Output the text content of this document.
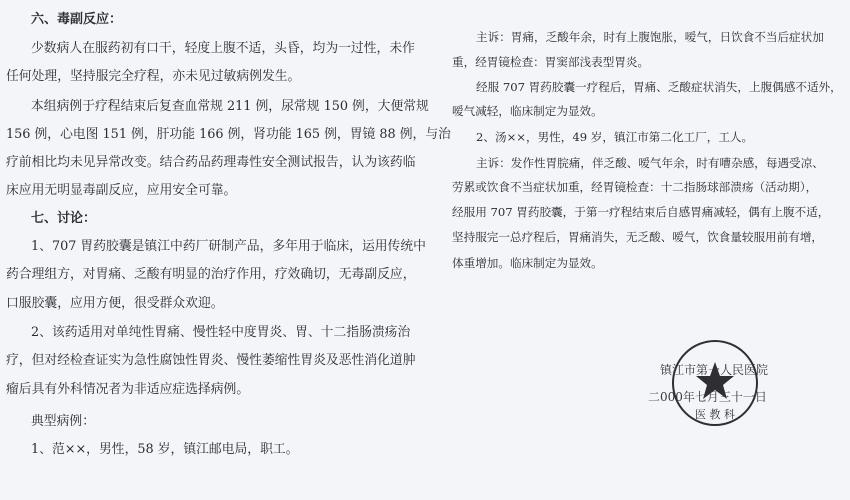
六、毒副反应：
少数病人在服药初有口干，轻度上腹不适，头昏，均为一过性，未作
任何处理，坚持服完全疗程，亦未见过敏病例发生。
本组病例于疗程结束后复查血常规 211 例，尿常规 150 例，大便常规
156 例，心电图 151 例，肝功能 166 例，肾功能 165 例，胃镜 88 例，与治
疗前相比均未见异常改变。结合药品药理毒性安全测试报告，认为该药临
床应用无明显毒副反应，应用安全可靠。
七、讨论：
1、707 胃药胶囊是镇江中药厂研制产品，多年用于临床，运用传统中
药合理组方，对胃痛、乏酸有明显的治疗作用，疗效确切，无毒副反应，
口服胶囊，应用方便，很受群众欢迎。
2、该药适用对单纯性胃痛、慢性轻中度胃炎、胃、十二指肠溃疡治
疗，但对经检查证实为急性腐蚀性胃炎、慢性萎缩性胃炎及恶性消化道肿
瘤后具有外科情况者为非适应症选择病例。
典型病例：
1、范××，男性，58 岁，镇江邮电局，职工。
主诉：胃痛，乏酸年余，时有上腹饱胀，嗳气，日饮食不当后症状加
重，经胃镜检查：胃窦部浅表型胃炎。
经服 707 胃药胶囊一疗程后，胃痛、乏酸症状消失，上腹偶感不适外，
嗳气减轻，临床制定为显效。
2、汤××，男性，49 岁，镇江市第二化工厂，工人。
主诉：发作性胃脘痛，伴乏酸、嗳气年余，时有嘈杂感，每遇受凉、
劳累或饮食不当症状加重，经胃镜检查：十二指肠球部溃疡（活动期），
经服用 707 胃药胶囊，于第一疗程结束后自感胃痛减轻，偶有上腹不适，
坚持服完一总疗程后，胃痛消失，无乏酸、嗳气，饮食量较服用前有增，
体重增加。临床制定为显效。
医 教 科
镇江市第一人民医院
二000年七月三十一日
